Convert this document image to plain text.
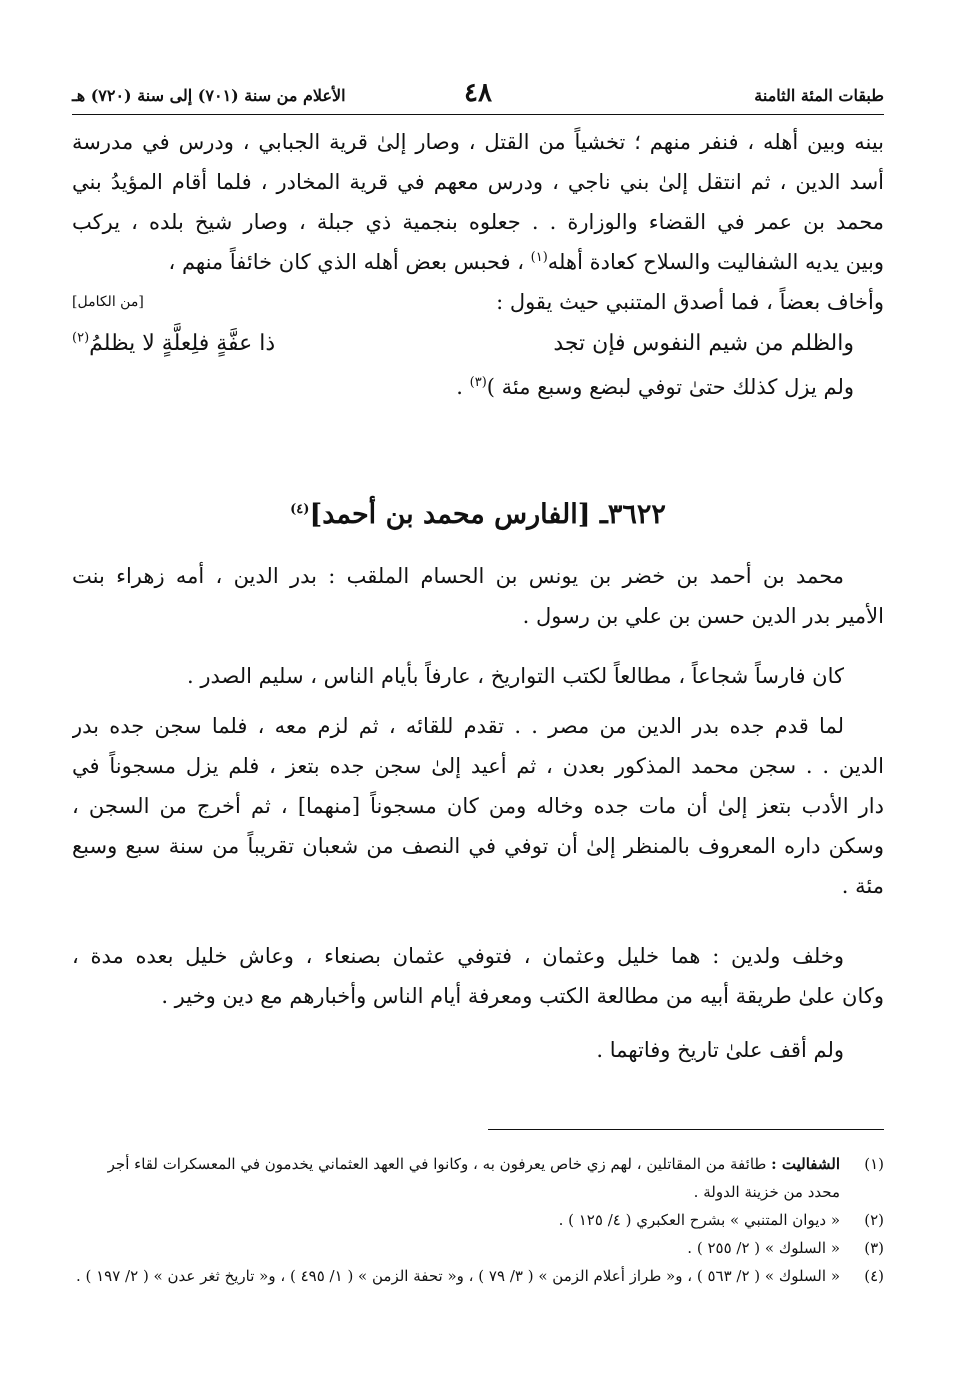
طبقات المئة الثامنة
٤٨
الأعلام من سنة (٧٠١) إلى سنة (٧٢٠) هـ
بينه وبين أهله ، فنفر منهم ؛ تخشياً من القتل ، وصار إلىٰ قرية الجبابي ، ودرس في مدرسة
أسد الدين ، ثم انتقل إلىٰ بني ناجي ، ودرس معهم في قرية المخادر ، فلما أقام المؤيدُ بني
محمد بن عمر في القضاء والوزارة . . جعلوه بنجمية ذي جبلة ، وصار شيخ بلده ، يركب
وبين يديه الشفاليت والسلاح كعادة أهله$^{(١)}$ ، فحبس بعض أهله الذي كان خائفاً منهم ،
وأخاف بعضاً ، فما أصدق المتنبي حيث يقول :
[من الكامل]
والظلم من شيم النفوس فإن تجد
ذا عفَّةٍ فلِعلَّةٍ لا يظلمُ$^{(٢)}$
ولم يزل كذلك حتىٰ توفي لبضع وسبع مئة )$^{(٣)}$ .
٣٦٢٢ـ [الفارس محمد بن أحمد]$^{(٤)}$
محمد بن أحمد بن خضر بن يونس بن الحسام الملقب : بدر الدين ، أمه زهراء بنت
الأمير بدر الدين حسن بن علي بن رسول .
كان فارساً شجاعاً ، مطالعاً لكتب التواريخ ، عارفاً بأيام الناس ، سليم الصدر .
لما قدم جده بدر الدين من مصر . . تقدم للقائه ، ثم لزم معه ، فلما سجن جده بدر
الدين . . سجن محمد المذكور بعدن ، ثم أعيد إلىٰ سجن جده بتعز ، فلم يزل مسجوناً في
دار الأدب بتعز إلىٰ أن مات جده وخاله ومن كان مسجوناً [منهما] ، ثم أخرج من السجن ،
وسكن داره المعروف بالمنظر إلىٰ أن توفي في النصف من شعبان تقريباً من سنة سبع وسبع
مئة .
وخلف ولدين : هما خليل وعثمان ، فتوفي عثمان بصنعاء ، وعاش خليل بعده مدة ،
وكان علىٰ طريقة أبيه من مطالعة الكتب ومعرفة أيام الناس وأخبارهم مع دين وخير .
ولم أقف علىٰ تاريخ وفاتهما .
(١)
الشفاليت : طائفة من المقاتلين ، لهم زي خاص يعرفون به ، وكانوا في العهد العثماني يخدمون في المعسكرات لقاء أجر محدد من خزينة الدولة .
(٢)
« ديوان المتنبي » بشرح العكبري ( ٤/ ١٢٥ ) .
(٣)
« السلوك » ( ٢/ ٢٥٥ ) .
(٤)
« السلوك » ( ٢/ ٥٦٣ ) ، و« طراز أعلام الزمن » ( ٣/ ٧٩ ) ، و« تحفة الزمن » ( ١/ ٤٩٥ ) ، و« تاريخ ثغر عدن » ( ٢/ ١٩٧ ) .
